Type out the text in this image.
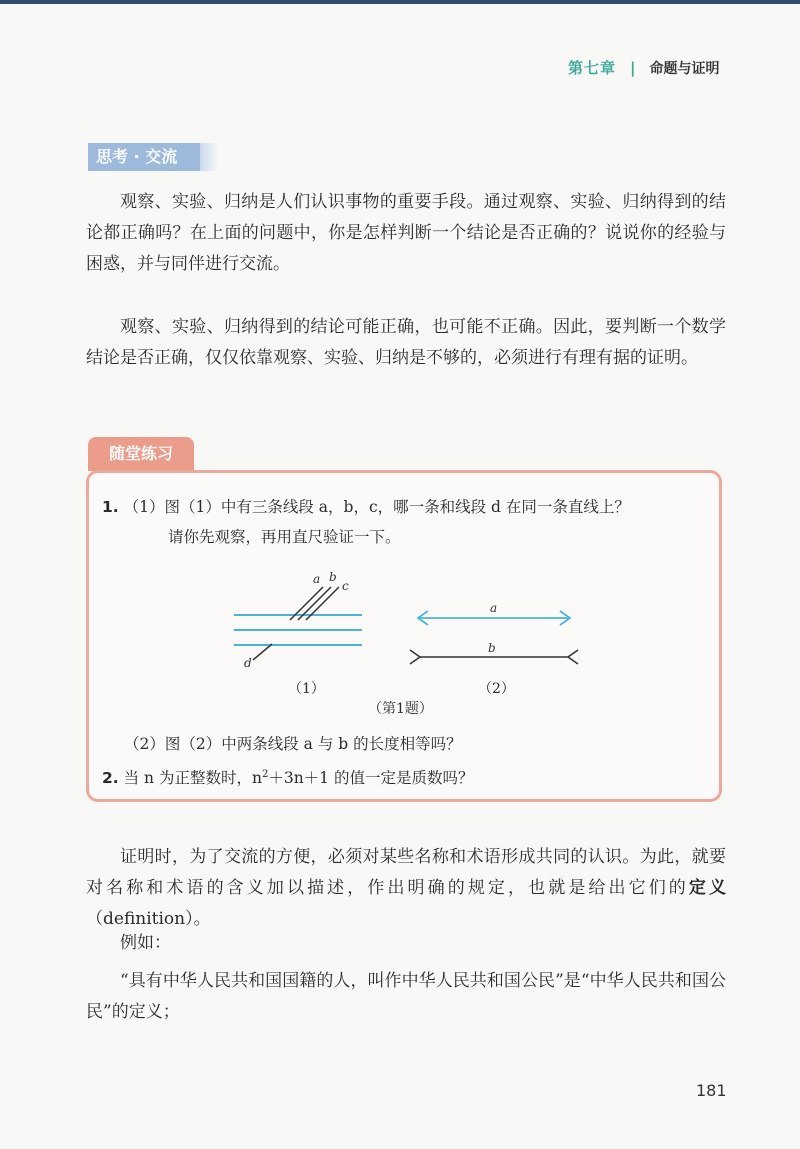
第七章 | 命题与证明
思考 · 交流
观察、实验、归纳是人们认识事物的重要手段。通过观察、实验、归纳得到的结论都正确吗？在上面的问题中，你是怎样判断一个结论是否正确的？说说你的经验与困惑，并与同伴进行交流。
观察、实验、归纳得到的结论可能正确，也可能不正确。因此，要判断一个数学结论是否正确，仅仅依靠观察、实验、归纳是不够的，必须进行有理有据的证明。
随堂练习
1. （1）图（1）中有三条线段 a，b，c，哪一条和线段 d 在同一条直线上？
请你先观察，再用直尺验证一下。
a b
c
d
a
b
（1）	（2）
（第1题）
（2）图（2）中两条线段 a 与 b 的长度相等吗？
2. 当 n 为正整数时，$n^2+3n+1$ 的值一定是质数吗？
证明时，为了交流的方便，必须对某些名称和术语形成共同的认识。为此，就要对名称和术语的含义加以描述，作出明确的规定，也就是给出它们的定义（definition）。
例如：
“具有中华人民共和国国籍的人，叫作中华人民共和国公民”是“中华人民共和国公民”的定义；
181
